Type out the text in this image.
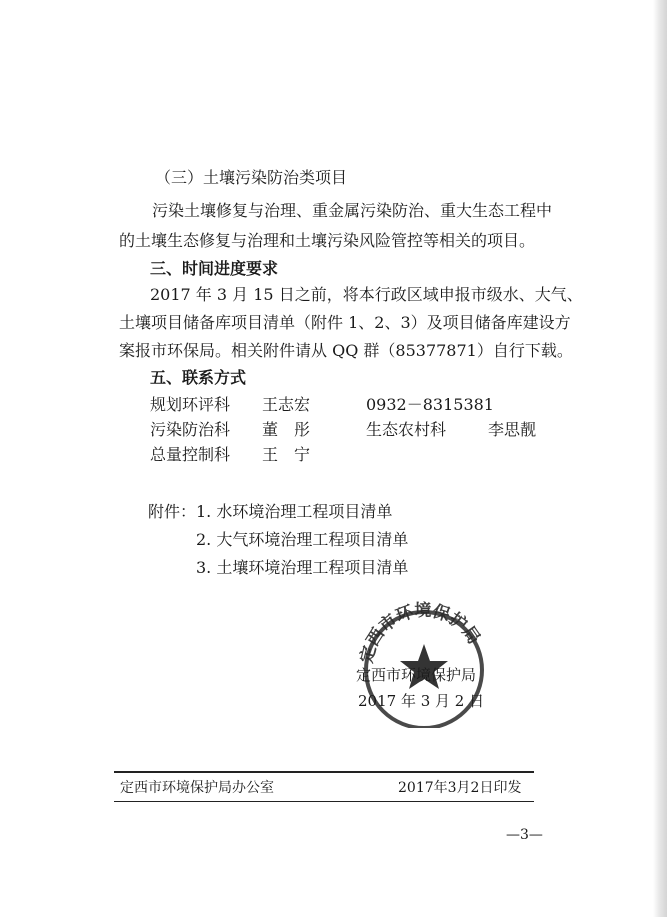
（三）土壤污染防治类项目
污染土壤修复与治理、重金属污染防治、重大生态工程中
的土壤生态修复与治理和土壤污染风险管控等相关的项目。
三、时间进度要求
2017 年 3 月 15 日之前，将本行政区域申报市级水、大气、
土壤项目储备库项目清单（附件 1、2、3）及项目储备库建设方
案报市环保局。相关附件请从 QQ 群（85377871）自行下载。
五、联系方式
规划环评科 王志宏	0932－8315381
污染防治科 董　彤	生态农村科	李思靓
总量控制科 王　宁
附件： 1. 水环境治理工程项目清单
2. 大气环境治理工程项目清单
3. 土壤环境治理工程项目清单
定西市环境保护局
定西市环境保护局
2017 年 3 月 2 日
定西市环境保护局办公室	2017年3月2日印发
—3—
